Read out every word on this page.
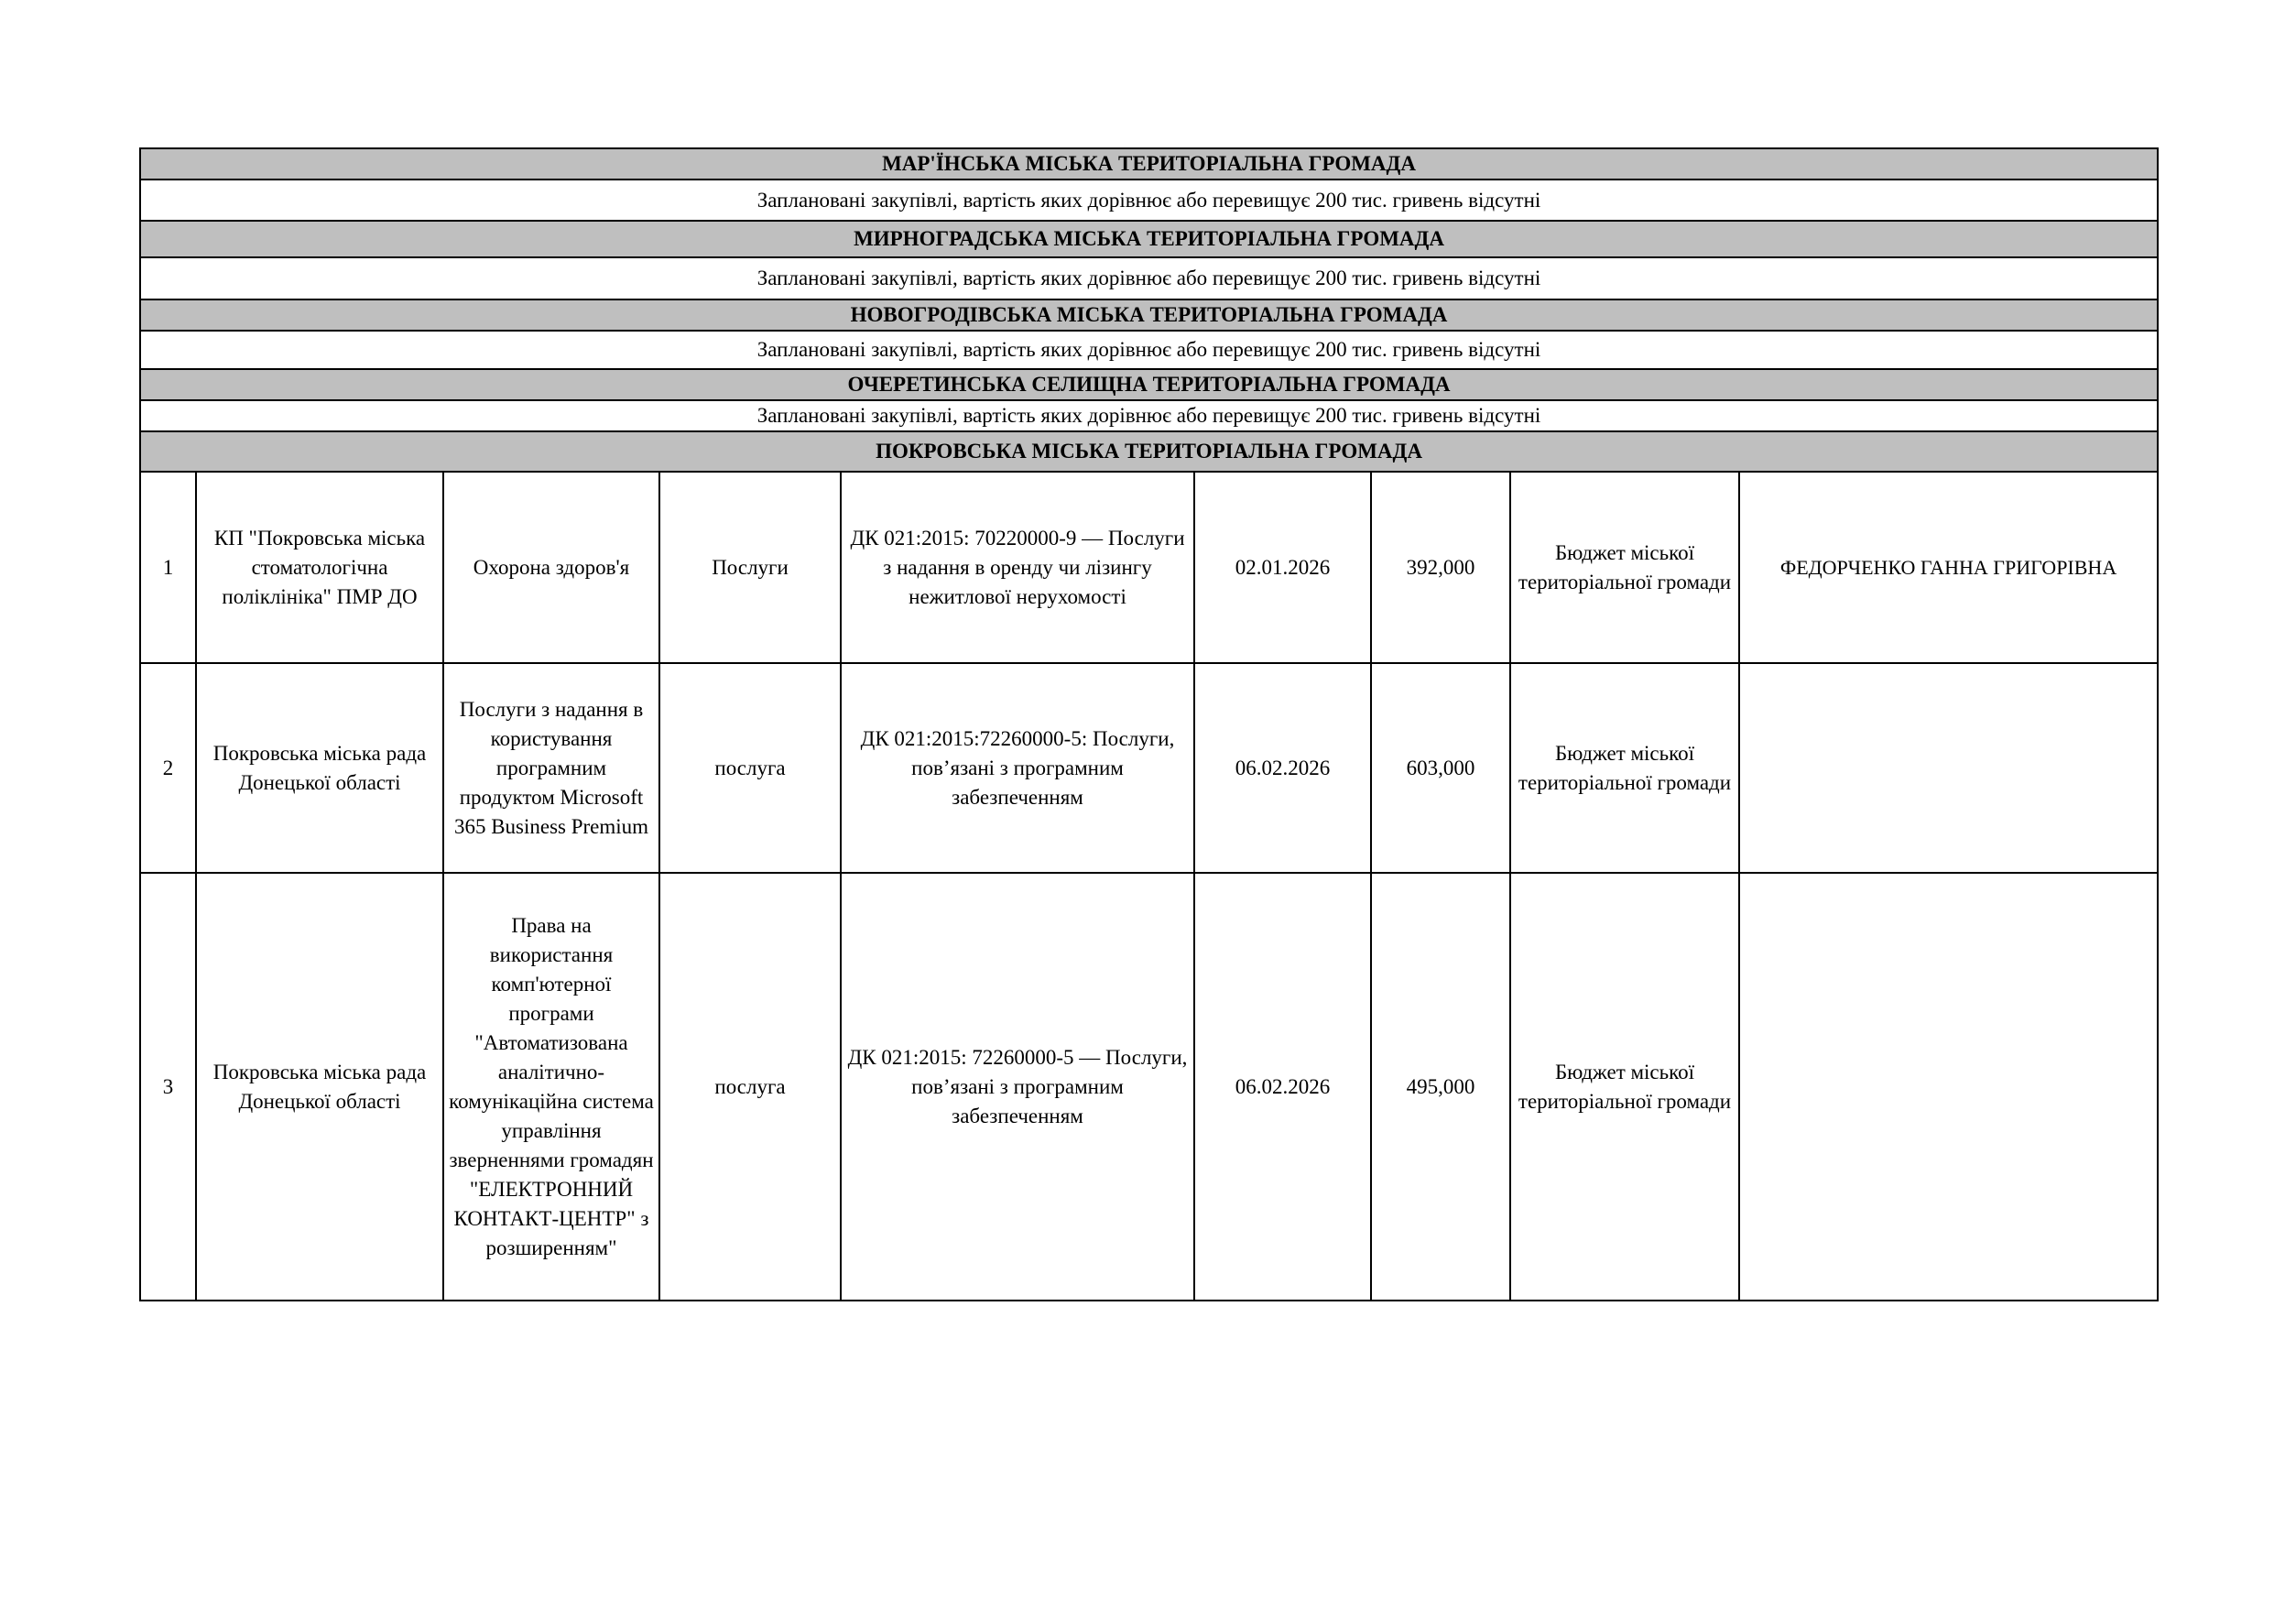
МАР'ЇНСЬКА МІСЬКА ТЕРИТОРІАЛЬНА ГРОМАДА								
Заплановані закупівлі, вартість яких дорівнює або перевищує 200 тис. гривень відсутні								
МИРНОГРАДСЬКА МІСЬКА ТЕРИТОРІАЛЬНА ГРОМАДА								
Заплановані закупівлі, вартість яких дорівнює або перевищує 200 тис. гривень відсутні								
НОВОГРОДІВСЬКА МІСЬКА ТЕРИТОРІАЛЬНА ГРОМАДА								
Заплановані закупівлі, вартість яких дорівнює або перевищує 200 тис. гривень відсутні								
ОЧЕРЕТИНСЬКА СЕЛИЩНА ТЕРИТОРІАЛЬНА ГРОМАДА								
Заплановані закупівлі, вартість яких дорівнює або перевищує 200 тис. гривень відсутні								
ПОКРОВСЬКА МІСЬКА ТЕРИТОРІАЛЬНА ГРОМАДА								
1	КП "Покровська міська стоматологічна поліклініка" ПМР ДО	Охорона здоров'я	Послуги	ДК 021:2015: 70220000-9 — Послуги з надання в оренду чи лізингу нежитлової нерухомості	02.01.2026	392,000	Бюджет міської територіальної громади	ФЕДОРЧЕНКО ГАННА ГРИГОРІВНА
2	Покровська міська рада Донецької області	Послуги з надання в користування програмним продуктом Microsoft 365 Business Premium	послуга	ДК 021:2015:72260000-5: Послуги, пов’язані з програмним забезпеченням	06.02.2026	603,000	Бюджет міської територіальної громади	
3	Покровська міська рада Донецької області	Права на використання комп'ютерної програми "Автоматизована аналітично-комунікаційна система управління зверненнями громадян "ЕЛЕКТРОННИЙ КОНТАКТ-ЦЕНТР" з розширенням"	послуга	ДК 021:2015: 72260000-5 — Послуги, пов’язані з програмним забезпеченням	06.02.2026	495,000	Бюджет міської територіальної громади	
